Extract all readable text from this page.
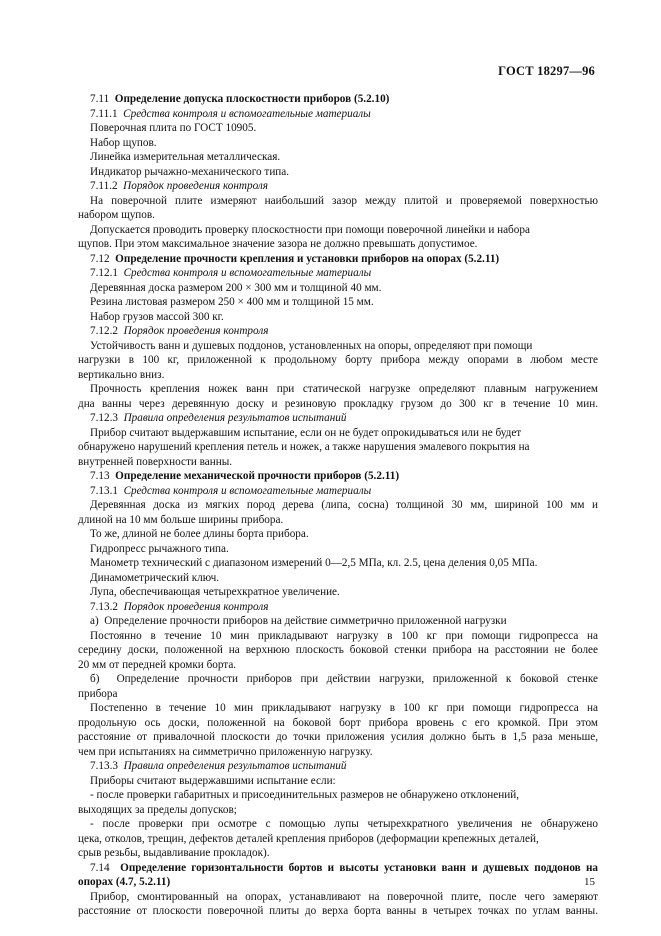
ГОСТ 18297—96
7.11  Определение допуска плоскостности приборов (5.2.10)
7.11.1  Средства контроля и вспомогательные материалы
Поверочная плита по ГОСТ 10905.
Набор щупов.
Линейка измерительная металлическая.
Индикатор рычажно-механического типа.
7.11.2  Порядок проведения контроля
На поверочной плите измеряют наибольший зазор между плитой и проверяемой поверхностью
набором щупов.
Допускается проводить проверку плоскостности при помощи поверочной линейки и набора
щупов. При этом максимальное значение зазора не должно превышать допустимое.
7.12  Определение прочности крепления и установки приборов на опорах (5.2.11)
7.12.1  Средства контроля и вспомогательные материалы
Деревянная доска размером 200 × 300 мм и толщиной 40 мм.
Резина листовая размером 250 × 400 мм и толщиной 15 мм.
Набор грузов массой 300 кг.
7.12.2  Порядок проведения контроля
Устойчивость ванн и душевых поддонов, установленных на опоры, определяют при помощи
нагрузки в 100 кг, приложенной к продольному борту прибора между опорами в любом месте
вертикально вниз.
Прочность крепления ножек ванн при статической нагрузке определяют плавным нагружением
дна ванны через деревянную доску и резиновую прокладку грузом до 300 кг в течение 10 мин.
7.12.3  Правила определения результатов испытаний
Прибор считают выдержавшим испытание, если он не будет опрокидываться или не будет
обнаружено нарушений крепления петель и ножек, а также нарушения эмалевого покрытия на
внутренней поверхности ванны.
7.13  Определение механической прочности приборов (5.2.11)
7.13.1  Средства контроля и вспомогательные материалы
Деревянная доска из мягких пород дерева (липа, сосна) толщиной 30 мм, шириной 100 мм и
длиной на 10 мм больше ширины прибора.
То же, длиной не более длины борта прибора.
Гидропресс рычажного типа.
Манометр технический с диапазоном измерений 0—2,5 МПа, кл. 2.5, цена деления 0,05 МПа.
Динамометрический ключ.
Лупа, обеспечивающая четырехкратное увеличение.
7.13.2  Порядок проведения контроля
а)  Определение прочности приборов на действие симметрично приложенной нагрузки
Постоянно в течение 10 мин прикладывают нагрузку в 100 кг при помощи гидропресса на
середину доски, положенной на верхнюю плоскость боковой стенки прибора на расстоянии не более
20 мм от передней кромки борта.
б)  Определение прочности приборов при действии нагрузки, приложенной к боковой стенке
прибора
Постепенно в течение 10 мин прикладывают нагрузку в 100 кг при помощи гидропресса на
продольную ось доски, положенной на боковой борт прибора вровень с его кромкой. При этом
расстояние от привалочной плоскости до точки приложения усилия должно быть в 1,5 раза меньше,
чем при испытаниях на симметрично приложенную нагрузку.
7.13.3  Правила определения результатов испытаний
Приборы считают выдержавшими испытание если:
- после проверки габаритных и присоединительных размеров не обнаружено отклонений,
выходящих за пределы допусков;
- после проверки при осмотре с помощью лупы четырехкратного увеличения не обнаружено
цека, отколов, трещин, дефектов деталей крепления приборов (деформации крепежных деталей,
срыв резьбы, выдавливание прокладок).
7.14  Определение горизонтальности бортов и высоты установки ванн и душевых поддонов на
опорах (4.7, 5.2.11)
Прибор, смонтированный на опорах, устанавливают на поверочной плите, после чего замеряют
расстояние от плоскости поверочной плиты до верха борта ванны в четырех точках по углам ванны.
15
